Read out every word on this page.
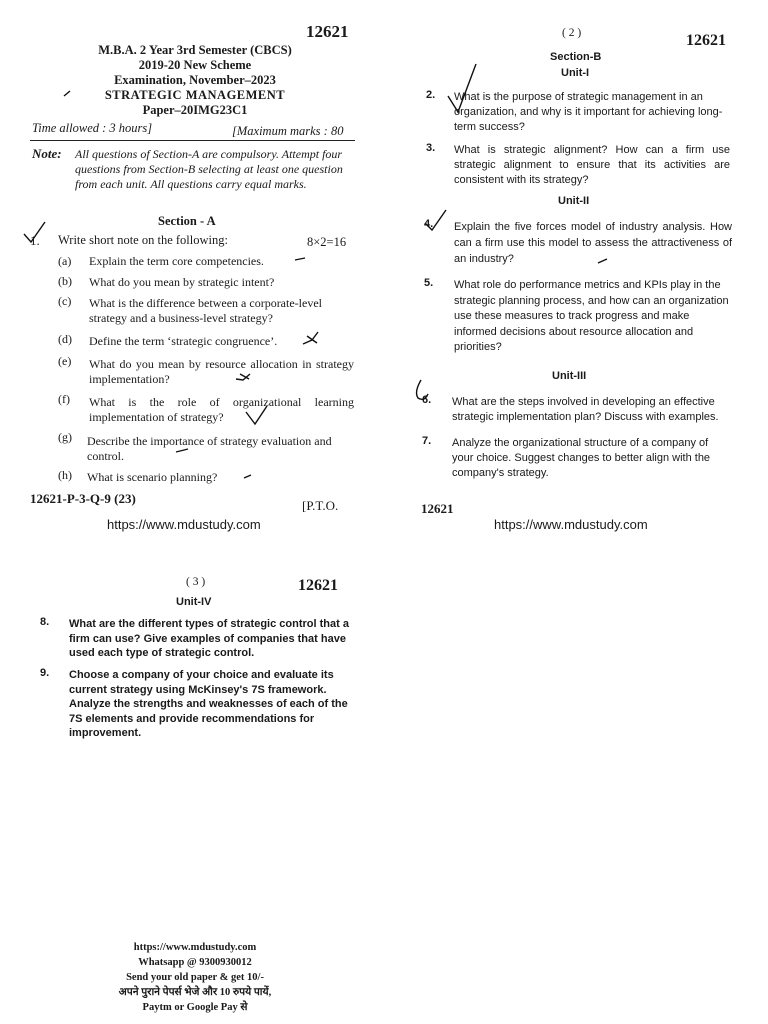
12621
M.B.A. 2 Year 3rd Semester (CBCS)
2019-20 New Scheme
Examination, November–2023
STRATEGIC MANAGEMENT
Paper–20IMG23C1
Time allowed : 3 hours]	[Maximum marks : 80
Note: All questions of Section-A are compulsory. Attempt four questions from Section-B selecting at least one question from each unit. All questions carry equal marks.
Section - A
1. Write short note on the following:	8×2=16
(a) Explain the term core competencies.
(b) What do you mean by strategic intent?
(c) What is the difference between a corporate-level strategy and a business-level strategy?
(d) Define the term ‘strategic congruence’.
(e) What do you mean by resource allocation in strategy implementation?
(f) What is the role of organizational learning implementation of strategy?
(g) Describe the importance of strategy evaluation and control.
(h) What is scenario planning?
12621-P-3-Q-9 (23)	[P.T.O.
https://www.mdustudy.com
( 2 )	12621
Section-B
Unit-I
2.	What is the purpose of strategic management in an organization, and why is it important for achieving long-term success?
3.	What is strategic alignment? How can a firm use strategic alignment to ensure that its activities are consistent with its strategy?
Unit-II
4.	Explain the five forces model of industry analysis. How can a firm use this model to assess the attractiveness of an industry?
5.	What role do performance metrics and KPIs play in the strategic planning process, and how can an organization use these measures to track progress and make informed decisions about resource allocation and priorities?
Unit-III
6.	What are the steps involved in developing an effective strategic implementation plan? Discuss with examples.
7.	Analyze the organizational structure of a company of your choice. Suggest changes to better align with the company's strategy.
12621
https://www.mdustudy.com
( 3 )	12621
Unit-IV
8.	What are the different types of strategic control that a firm can use? Give examples of companies that have used each type of strategic control.
9.	Choose a company of your choice and evaluate its current strategy using McKinsey's 7S framework. Analyze the strengths and weaknesses of each of the 7S elements and provide recommendations for improvement.
https://www.mdustudy.com
Whatsapp @ 9300930012
Send your old paper & get 10/-
अपने पुराने पेपर्स भेजे और 10 रुपये पायें,
Paytm or Google Pay से
